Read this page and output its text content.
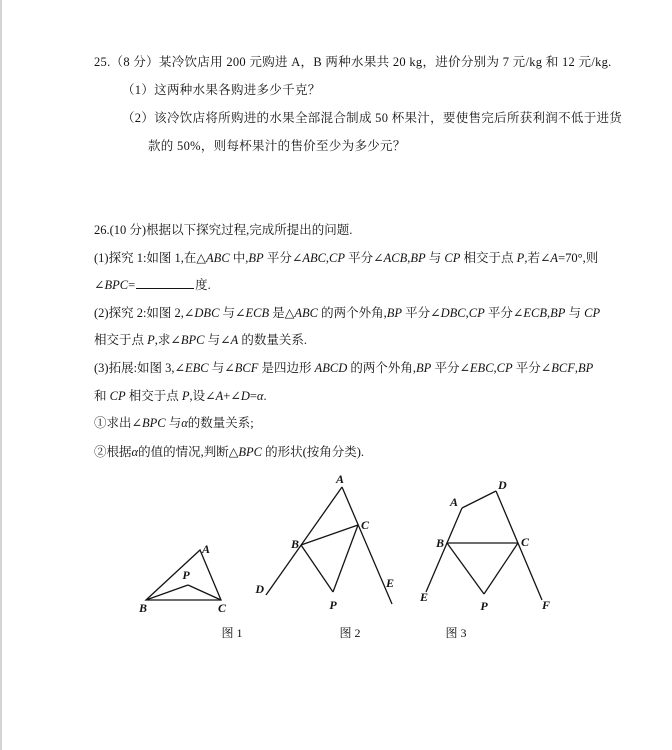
25.（8 分）某冷饮店用 200 元购进 A，B 两种水果共 20 kg，进价分别为 7 元/kg 和 12 元/kg.
（1）这两种水果各购进多少千克？
（2）该冷饮店将所购进的水果全部混合制成 50 杯果汁，要使售完后所获利润不低于进货
款的 50%，则每杯果汁的售价至少为多少元？
26.(10 分)根据以下探究过程,完成所提出的问题.
(1)探究 1:如图 1,在△ABC 中,BP 平分∠ABC,CP 平分∠ACB,BP 与 CP 相交于点 P,若∠A=70°,则
∠BPC=	度.
(2)探究 2:如图 2,∠DBC 与∠ECB 是△ABC 的两个外角,BP 平分∠DBC,CP 平分∠ECB,BP 与 CP
相交于点 P,求∠BPC 与∠A 的数量关系.
(3)拓展:如图 3,∠EBC 与∠BCF 是四边形 ABCD 的两个外角,BP 平分∠EBC,CP 平分∠BCF,BP
和 CP 相交于点 P,设∠A+∠D=α.
①求出∠BPC 与α的数量关系;
②根据α的值的情况,判断△BPC 的形状(按角分类).
A
P
B	C
图 1
A
B
C
D	E
P
图 2
A
D
B	C
E
F
P
图 3
